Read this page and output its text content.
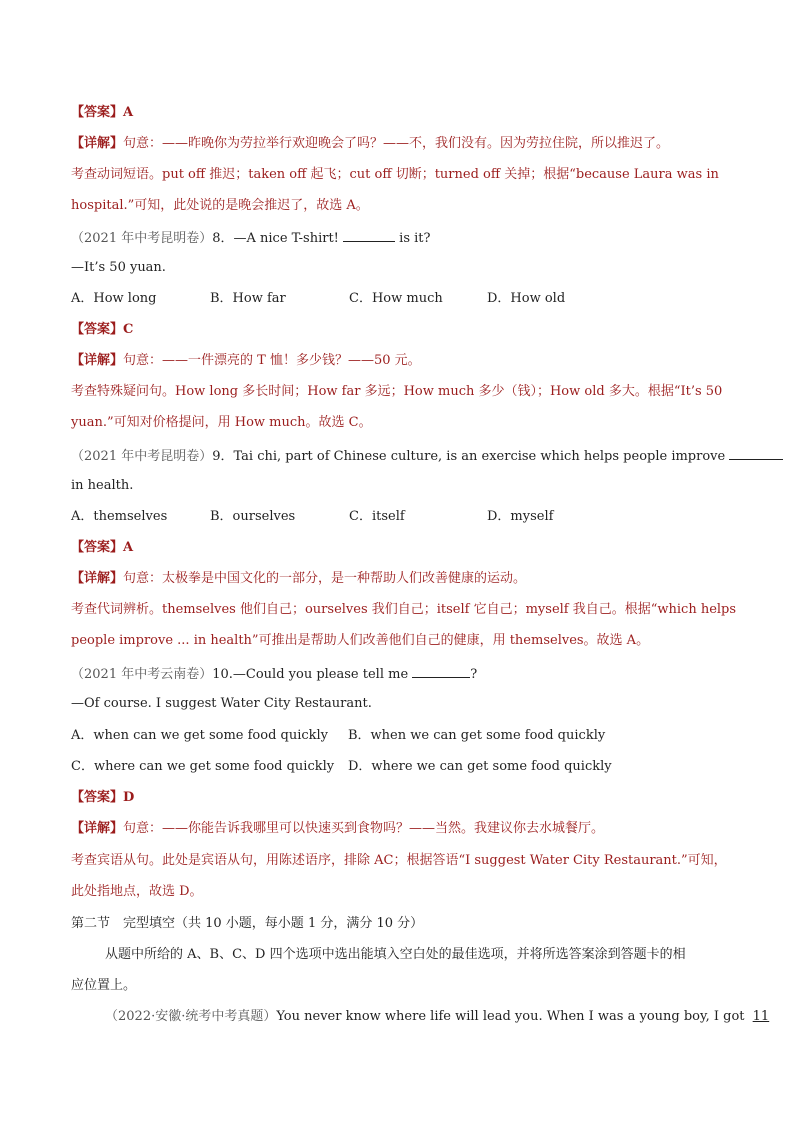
【答案】A
【详解】句意：——昨晚你为劳拉举行欢迎晚会了吗？——不，我们没有。因为劳拉住院，所以推迟了。
考查动词短语。put off 推迟；taken off 起飞；cut off 切断；turned off 关掉；根据“because Laura was in
hospital.”可知，此处说的是晚会推迟了，故选 A。
（2021 年中考昆明卷）8．—A nice T-shirt!	is it?
—It’s 50 yuan.
A．How long	B．How far	C．How much	D．How old
【答案】C
【详解】句意：——一件漂亮的 T 恤！多少钱？——50 元。
考查特殊疑问句。How long 多长时间；How far 多远；How much 多少（钱）；How old 多大。根据“It’s 50
yuan.”可知对价格提问，用 How much。故选 C。
（2021 年中考昆明卷）9．Tai chi, part of Chinese culture, is an exercise which helps people improve
in health.
A．themselves	B．ourselves	C．itself	D．myself
【答案】A
【详解】句意：太极拳是中国文化的一部分，是一种帮助人们改善健康的运动。
考查代词辨析。themselves 他们自己；ourselves 我们自己；itself 它自己；myself 我自己。根据“which helps
people improve ... in health”可推出是帮助人们改善他们自己的健康，用 themselves。故选 A。
（2021 年中考云南卷）10.—Could you please tell me	?
—Of course. I suggest Water City Restaurant.
A．when can we get some food quickly B．when we can get some food quickly
C．where can we get some food quickly D．where we can get some food quickly
【答案】D
【详解】句意：——你能告诉我哪里可以快速买到食物吗？——当然。我建议你去水城餐厅。
考查宾语从句。此处是宾语从句，用陈述语序，排除 AC；根据答语“I suggest Water City Restaurant.”可知，
此处指地点，故选 D。
第二节　完型填空（共 10 小题，每小题 1 分，满分 10 分）
从题中所给的 A、B、C、D 四个选项中选出能填入空白处的最佳选项，并将所选答案涂到答题卡的相
应位置上。
（2022·安徽·统考中考真题）You never know where life will lead you. When I was a young boy, I got 11
